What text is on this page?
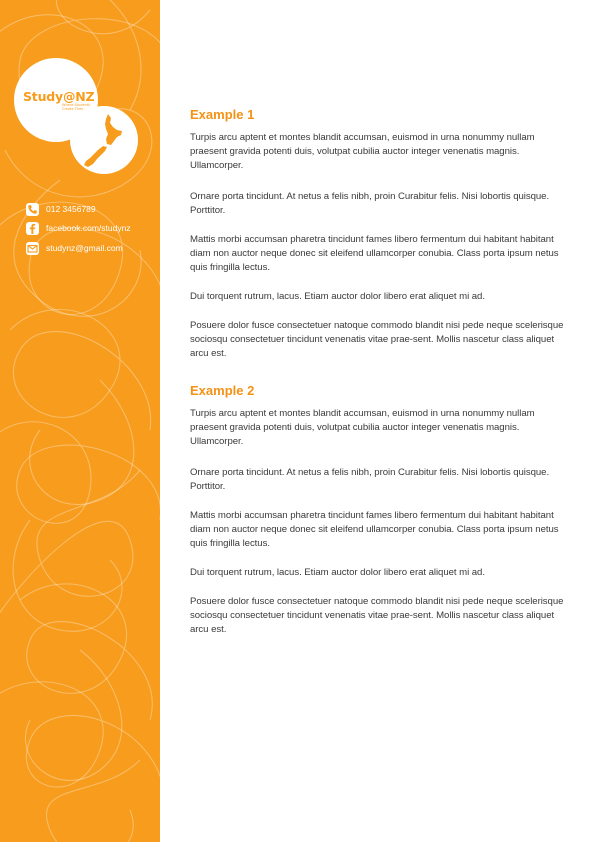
Study@NZ
Where Students
Create Their
012 3456789
facebook.com/studynz
studynz@gmail.com
Example 1

Turpis arcu aptent et montes blandit accumsan, euismod in urna nonummy nullam praesent gravida potenti duis, volutpat cubilia auctor integer venenatis magnis. Ullamcorper.

Ornare porta tincidunt. At netus a felis nibh, proin Curabitur felis. Nisi lobortis quisque. Porttitor.

Mattis morbi accumsan pharetra tincidunt fames libero fermentum dui habitant habitant diam non auctor neque donec sit eleifend ullamcorper conubia. Class porta ipsum netus quis fringilla lectus.

Dui torquent rutrum, lacus. Etiam auctor dolor libero erat aliquet mi ad.

Posuere dolor fusce consectetuer natoque commodo blandit nisi pede neque scelerisque sociosqu consectetuer tincidunt venenatis vitae prae-sent. Mollis nascetur class aliquet arcu est.

Example 2

Turpis arcu aptent et montes blandit accumsan, euismod in urna nonummy nullam praesent gravida potenti duis, volutpat cubilia auctor integer venenatis magnis. Ullamcorper.

Ornare porta tincidunt. At netus a felis nibh, proin Curabitur felis. Nisi lobortis quisque. Porttitor.

Mattis morbi accumsan pharetra tincidunt fames libero fermentum dui habitant habitant diam non auctor neque donec sit eleifend ullamcorper conubia. Class porta ipsum netus quis fringilla lectus.

Dui torquent rutrum, lacus. Etiam auctor dolor libero erat aliquet mi ad.

Posuere dolor fusce consectetuer natoque commodo blandit nisi pede neque scelerisque sociosqu consectetuer tincidunt venenatis vitae prae-sent. Mollis nascetur class aliquet arcu est.
